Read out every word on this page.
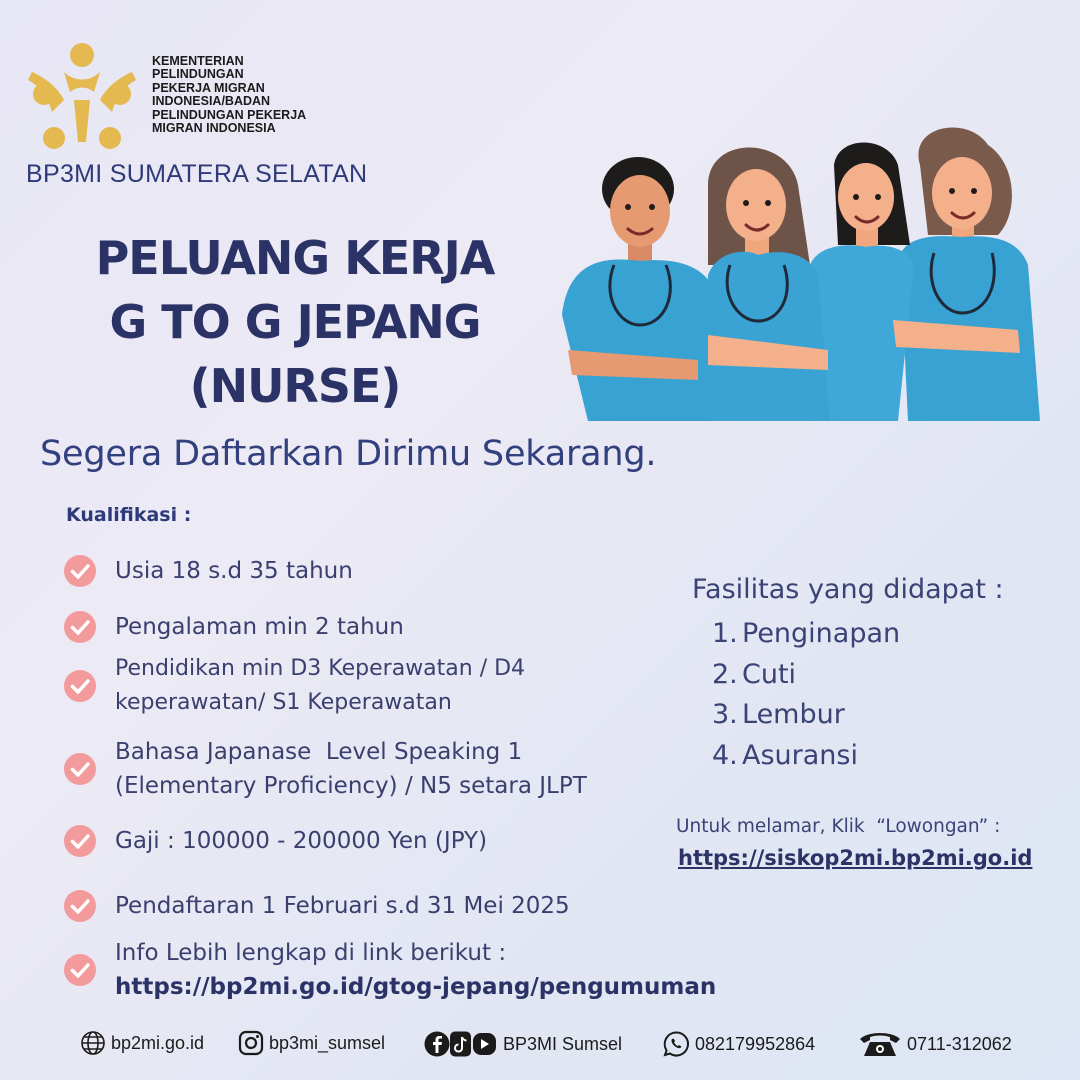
KEMENTERIAN
PELINDUNGAN
PEKERJA MIGRAN
INDONESIA/BADAN
PELINDUNGAN PEKERJA
MIGRAN INDONESIA
BP3MI SUMATERA SELATAN
PELUANG KERJA
G TO G JEPANG
(NURSE)
Segera Daftarkan Dirimu Sekarang.
Kualifikasi :
Usia 18 s.d 35 tahun
Pengalaman min 2 tahun
Pendidikan min D3 Keperawatan / D4
keperawatan/ S1 Keperawatan
Bahasa Japanase  Level Speaking 1
(Elementary Proficiency) / N5 setara JLPT
Gaji : 100000 - 200000 Yen (JPY)
Pendaftaran 1 Februari s.d 31 Mei 2025
Info Lebih lengkap di link berikut :
https://bp2mi.go.id/gtog-jepang/pengumuman
Fasilitas yang didapat :
1. Penginapan
2. Cuti
3. Lembur
4. Asuransi
Untuk melamar, Klik  “Lowongan” :
https://siskop2mi.bp2mi.go.id
bp2mi.go.id	bp3mi_sumsel	BP3MI Sumsel	082179952864	0711-312062
